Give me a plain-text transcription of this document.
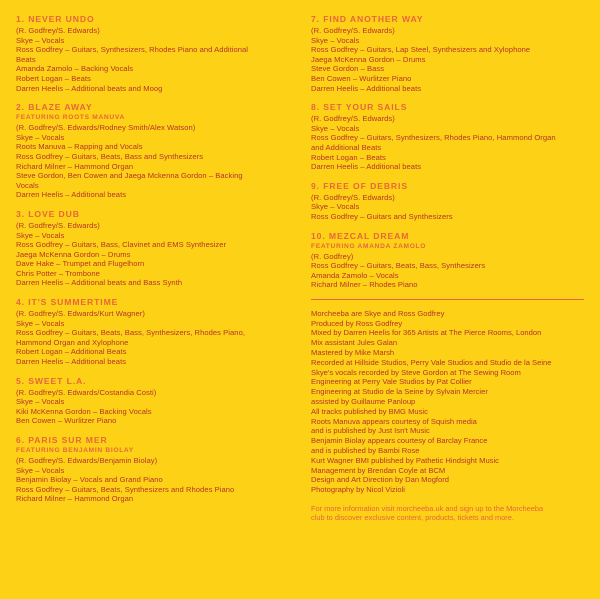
1. NEVER UNDO

(R. Godfrey/S. Edwards)

Skye – Vocals

Ross Godfrey – Guitars, Synthesizers, Rhodes Piano and Additional

Beats

Amanda Zamolo – Backing Vocals

Robert Logan – Beats

Darren Heelis – Additional beats and Moog

2. BLAZE AWAY

FEATURING ROOTS MANUVA

(R. Godfrey/S. Edwards/Rodney Smith/Alex Watson)

Skye – Vocals

Roots Manuva – Rapping and Vocals

Ross Godfrey – Guitars, Beats, Bass and Synthesizers

Richard Milner – Hammond Organ

Steve Gordon, Ben Cowen and Jaega Mckenna Gordon – Backing

Vocals

Darren Heelis – Additional beats

3. LOVE DUB

(R. Godfrey/S. Edwards)

Skye – Vocals

Ross Godfrey – Guitars, Bass, Clavinet and EMS Synthesizer

Jaega McKenna Gordon – Drums

Dave Hake – Trumpet and Flugelhorn

Chris Potter – Trombone

Darren Heelis – Additional beats and Bass Synth

4. IT'S SUMMERTIME

(R. Godfrey/S. Edwards/Kurt Wagner)

Skye – Vocals

Ross Godfrey – Guitars, Beats, Bass, Synthesizers, Rhodes Piano,

Hammond Organ and Xylophone

Robert Logan – Additional Beats

Darren Heelis – Additional beats

5. SWEET L.A.

(R. Godfrey/S. Edwards/Costandia Costi)

Skye – Vocals

Kiki McKenna Gordon – Backing Vocals

Ben Cowen – Wurlitzer Piano

6. PARIS SUR MER

FEATURING BENJAMIN BIOLAY

(R. Godfrey/S. Edwards/Benjamin Biolay)

Skye – Vocals

Benjamin Biolay – Vocals and Grand Piano

Ross Godfrey – Guitars, Beats, Synthesizers and Rhodes Piano

Richard Milner – Hammond Organ

7. FIND ANOTHER WAY

(R. Godfrey/S. Edwards)

Skye – Vocals

Ross Godfrey – Guitars, Lap Steel, Synthesizers and Xylophone

Jaega McKenna Gordon – Drums

Steve Gordon – Bass

Ben Cowen – Wurlitzer Piano

Darren Heelis – Additional beats

8. SET YOUR SAILS

(R. Godfrey/S. Edwards)

Skye – Vocals

Ross Godfrey – Guitars, Synthesizers, Rhodes Piano, Hammond Organ

and Additional Beats

Robert Logan – Beats

Darren Heelis – Additional beats

9. FREE OF DEBRIS

(R. Godfrey/S. Edwards)

Skye – Vocals

Ross Godfrey – Guitars and Synthesizers

10. MEZCAL DREAM

FEATURING AMANDA ZAMOLO

(R. Godfrey)

Ross Godfrey – Guitars, Beats, Bass, Synthesizers

Amanda Zamolo – Vocals

Richard Milner – Rhodes Piano

Morcheeba are Skye and Ross Godfrey

Produced by Ross Godfrey

Mixed by Darren Heelis for 365 Artists at The Pierce Rooms, London

Mix assistant Jules Galan

Mastered by Mike Marsh

Recorded at Hillside Studios, Perry Vale Studios and Studio de la Seine

Skye's vocals recorded by Steve Gordon at The Sewing Room

Engineering at Perry Vale Studios by Pat Collier

Engineering at Studio de la Seine by Sylvain Mercier

assisted by Guillaume Panloup

All tracks published by BMG Music

Roots Manuva appears courtesy of Squish media

and is published by Just Isn't Music

Benjamin Biolay appears courtesy of Barclay France

and is published by Bambi Rose

Kurt Wagner BMI published by Pathetic Hindsight Music

Management by Brendan Coyle at BCM

Design and Art Direction by Dan Mogford

Photography by Nicol Vizioli

For more information visit morcheeba.uk and sign up to the Morcheeba

club to discover exclusive content, products, tickets and more.
